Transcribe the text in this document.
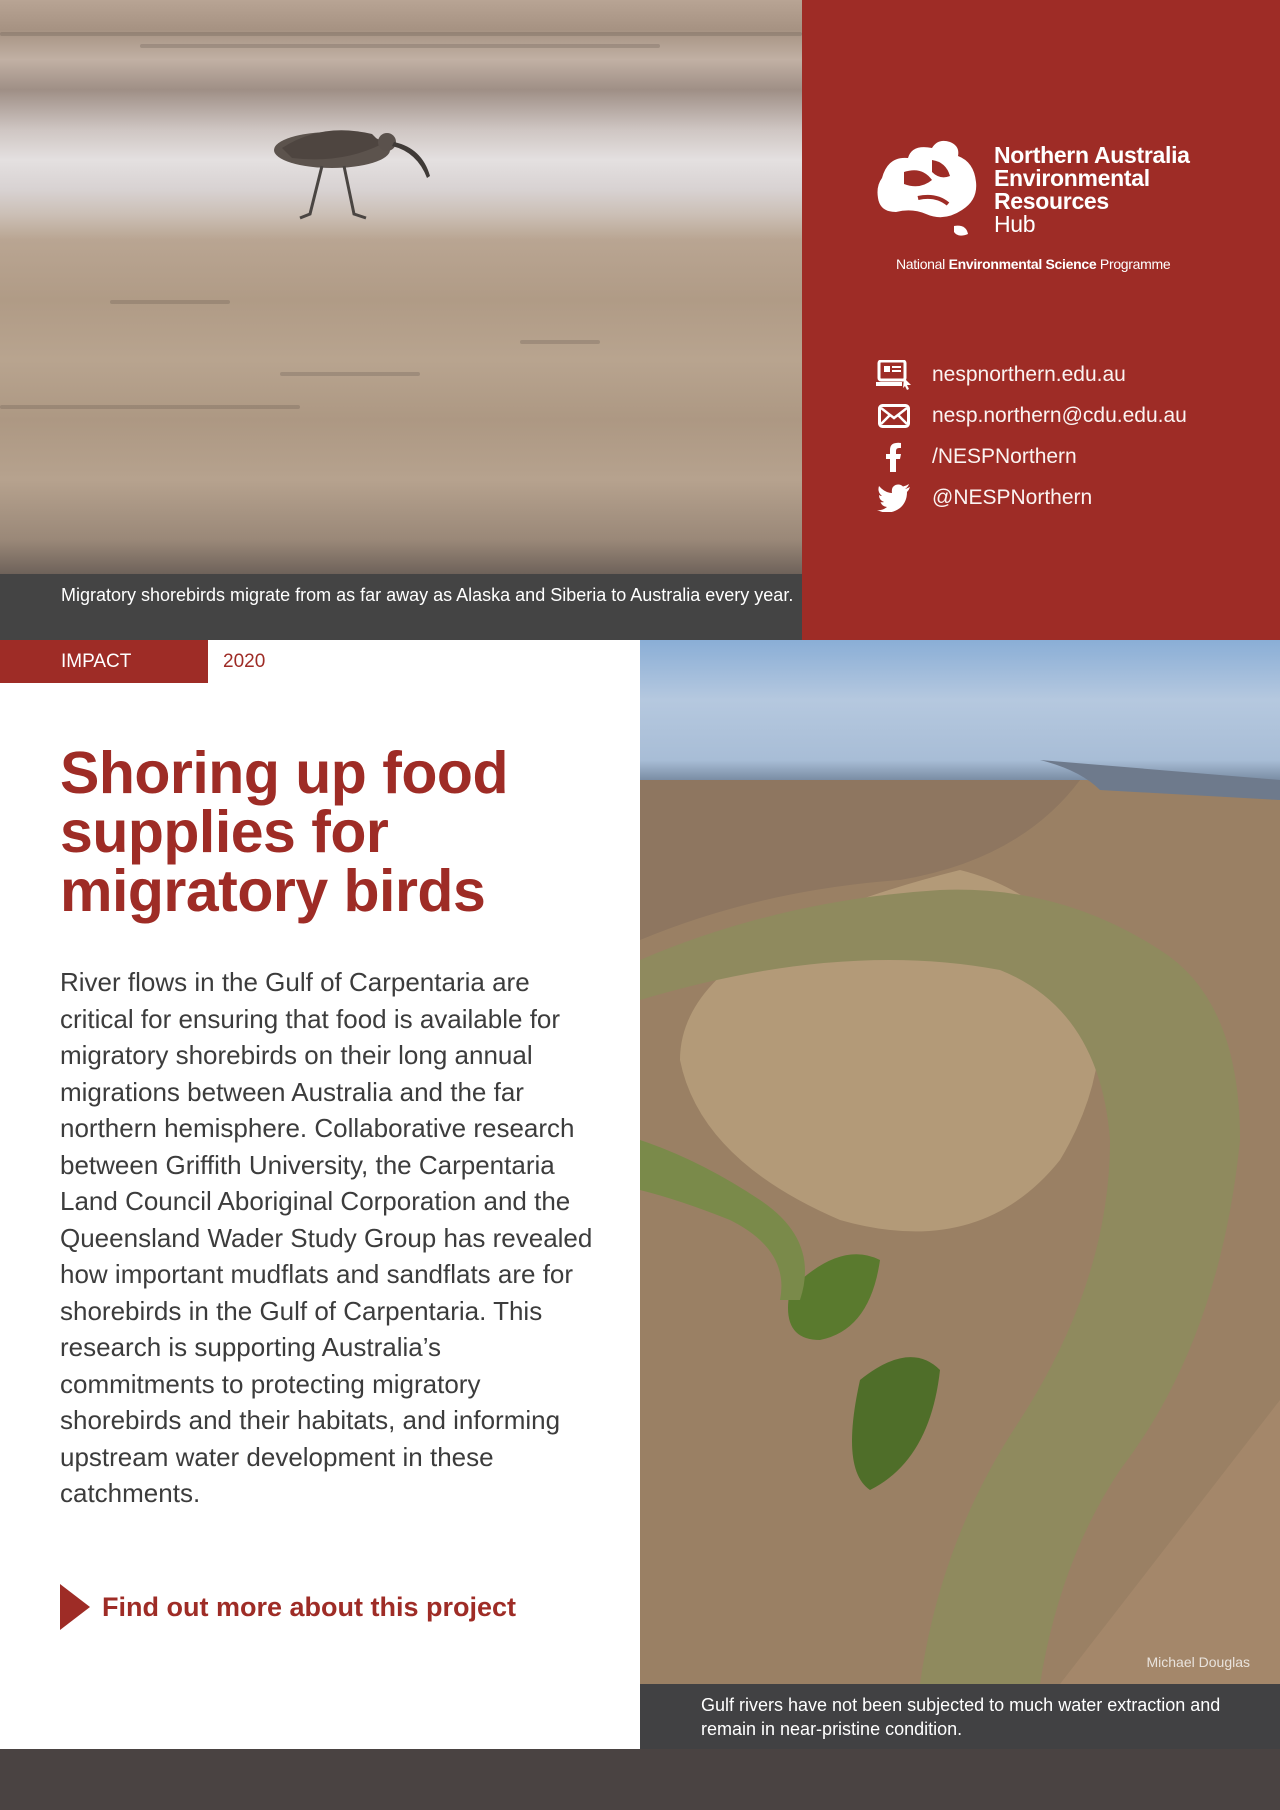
Migratory shorebirds migrate from as far away as Alaska and Siberia to Australia every year.
Northern Australia
Environmental
Resources
Hub
National Environmental Science Programme
nespnorthern.edu.au
nesp.northern@cdu.edu.au
/NESPNorthern
@NESPNorthern
IMPACT STORY
2020
Shoring up food supplies for migratory birds

River flows in the Gulf of Carpentaria are critical for ensuring that food is available for migratory shorebirds on their long annual migrations between Australia and the far northern hemisphere. Collaborative research between Griffith University, the Carpentaria Land Council Aboriginal Corporation and the Queensland Wader Study Group has revealed how important mudflats and sandflats are for shorebirds in the Gulf of Carpentaria. This research is supporting Australia’s commitments to protecting migratory shorebirds and their habitats, and informing upstream water development in these catchments.

Find out more about this project
Michael Douglas
Gulf rivers have not been subjected to much water extraction and remain in near-pristine condition.
